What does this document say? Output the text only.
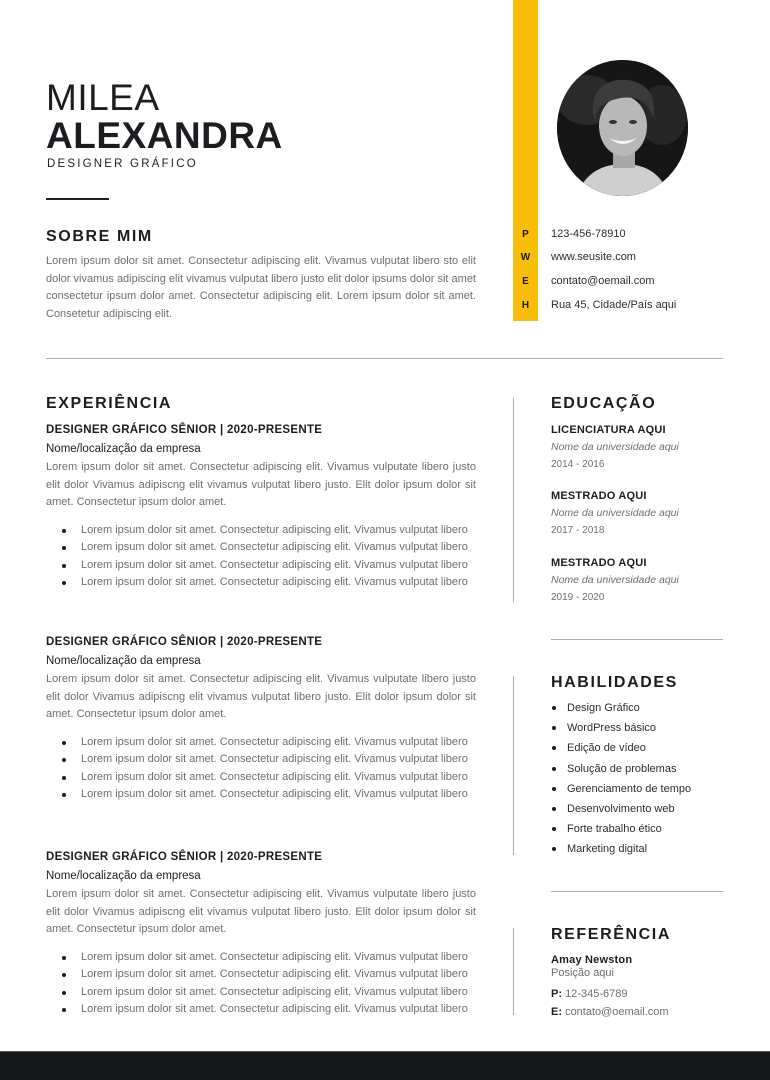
MILEA
ALEXANDRA
DESIGNER GRÁFICO
SOBRE MIM

Lorem ipsum dolor sit amet. Consectetur adipiscing elit. Vivamus vulputat libero sto elit dolor vivamus adipiscing elit vivamus vulputat libero justo elit dolor ipsums dolor sit amet consectetur ipsum dolor amet. Consectetur adipiscing elit. Lorem ipsum dolor sit amet. Consetetur adipiscing elit.

P	123-456-78910
W	www.seusite.com
E	contato@oemail.com
H	Rua 45, Cidade/País aqui
EXPERIÊNCIA
DESIGNER GRÁFICO SÊNIOR | 2020-PRESENTE
Nome/localização da empresa

Lorem ipsum dolor sit amet. Consectetur adipiscing elit. Vivamus vulputate libero justo elit dolor Vivamus adipiscng elit vivamus vulputat libero justo. Elit dolor ipsum dolor sit amet. Consectetur ipsum dolor amet.

Lorem ipsum dolor sit amet. Consectetur adipiscing elit. Vivamus vulputat libero
Lorem ipsum dolor sit amet. Consectetur adipiscing elit. Vivamus vulputat libero
Lorem ipsum dolor sit amet. Consectetur adipiscing elit. Vivamus vulputat libero
Lorem ipsum dolor sit amet. Consectetur adipiscing elit. Vivamus vulputat libero
DESIGNER GRÁFICO SÊNIOR | 2020-PRESENTE
Nome/localização da empresa

Lorem ipsum dolor sit amet. Consectetur adipiscing elit. Vivamus vulputate libero justo elit dolor Vivamus adipiscng elit vivamus vulputat libero justo. Elit dolor ipsum dolor sit amet. Consectetur ipsum dolor amet.

Lorem ipsum dolor sit amet. Consectetur adipiscing elit. Vivamus vulputat libero
Lorem ipsum dolor sit amet. Consectetur adipiscing elit. Vivamus vulputat libero
Lorem ipsum dolor sit amet. Consectetur adipiscing elit. Vivamus vulputat libero
Lorem ipsum dolor sit amet. Consectetur adipiscing elit. Vivamus vulputat libero
DESIGNER GRÁFICO SÊNIOR | 2020-PRESENTE
Nome/localização da empresa

Lorem ipsum dolor sit amet. Consectetur adipiscing elit. Vivamus vulputate libero justo elit dolor Vivamus adipiscng elit vivamus vulputat libero justo. Elit dolor ipsum dolor sit amet. Consectetur ipsum dolor amet.

Lorem ipsum dolor sit amet. Consectetur adipiscing elit. Vivamus vulputat libero
Lorem ipsum dolor sit amet. Consectetur adipiscing elit. Vivamus vulputat libero
Lorem ipsum dolor sit amet. Consectetur adipiscing elit. Vivamus vulputat libero
Lorem ipsum dolor sit amet. Consectetur adipiscing elit. Vivamus vulputat libero
EDUCAÇÃO
LICENCIATURA AQUI
Nome da universidade aqui
2014 - 2016
MESTRADO AQUI
Nome da universidade aqui
2017 - 2018
MESTRADO AQUI
Nome da universidade aqui
2019 - 2020
HABILIDADES
Design Gráfico
WordPress básico
Edição de vídeo
Solução de problemas
Gerenciamento de tempo
Desenvolvimento web
Forte trabalho ético
Marketing digital
REFERÊNCIA
Amay Newston
Posição aqui
P: 12-345-6789
E: contato@oemail.com
